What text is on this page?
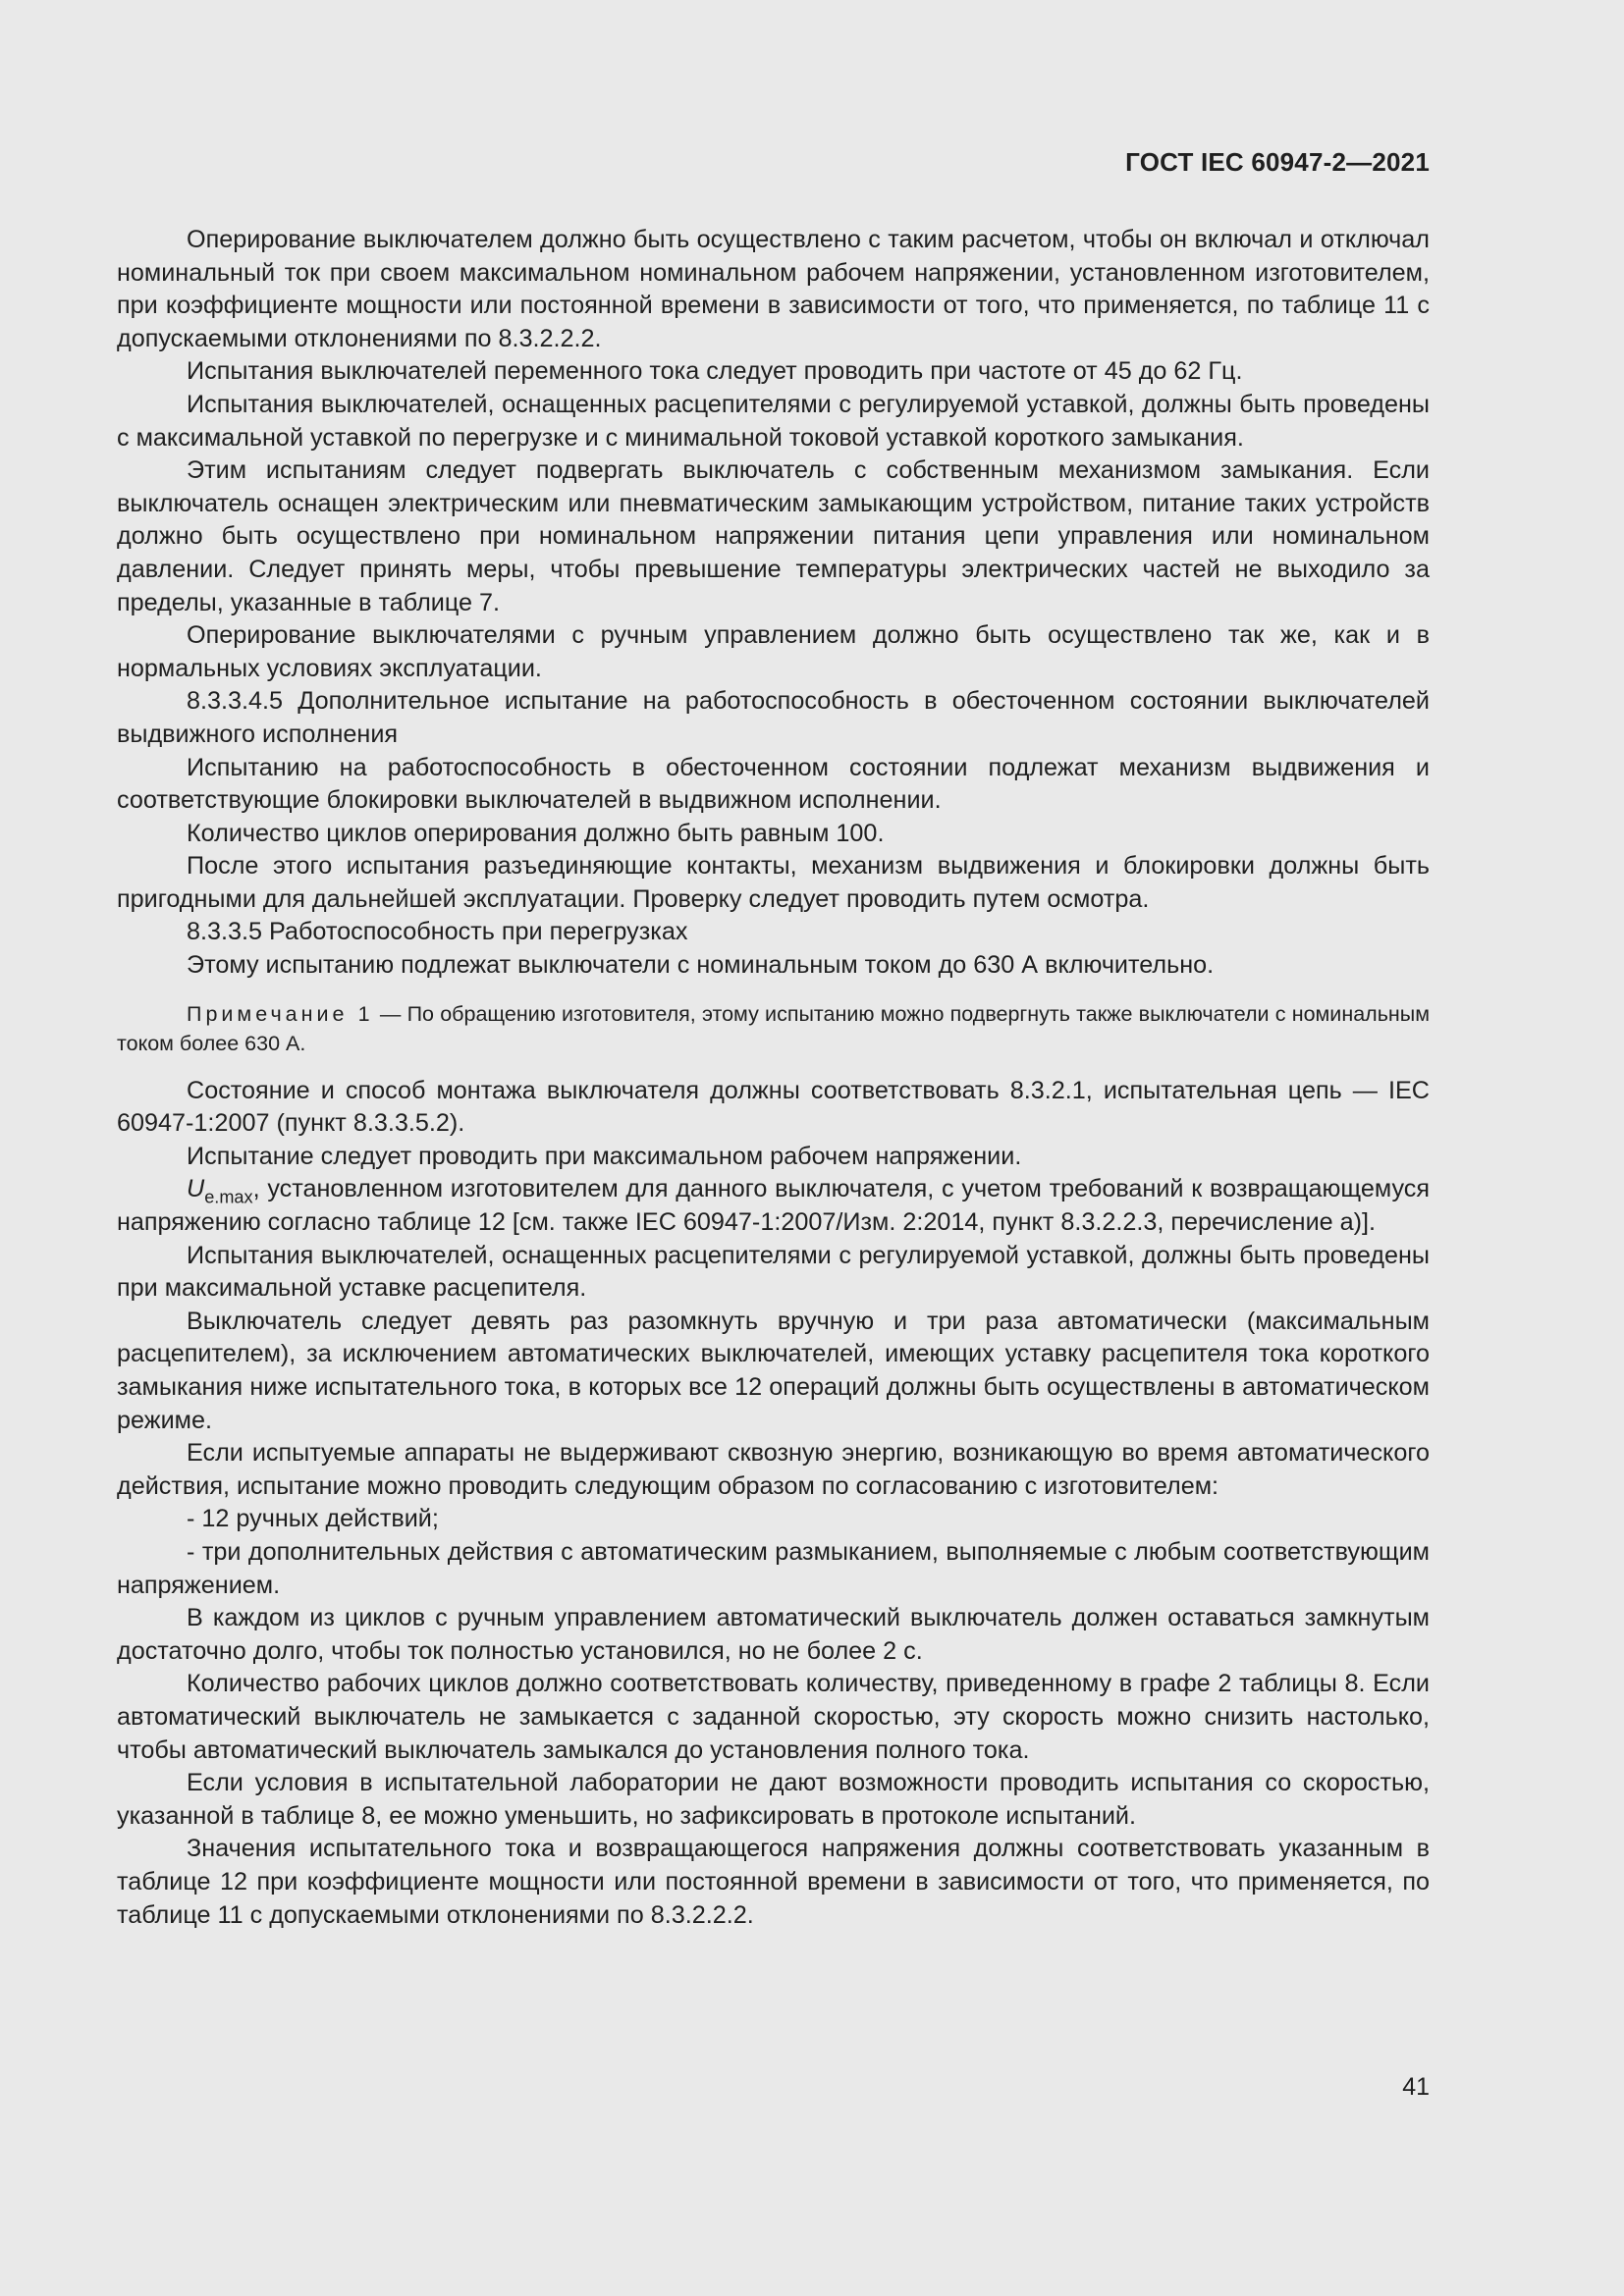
ГОСТ IEC 60947-2—2021

Оперирование выключателем должно быть осуществлено с таким расчетом, чтобы он включал и отключал номинальный ток при своем максимальном номинальном рабочем напряжении, установленном изготовителем, при коэффициенте мощности или постоянной времени в зависимости от того, что применяется, по таблице 11 с допускаемыми отклонениями по 8.3.2.2.2.

Испытания выключателей переменного тока следует проводить при частоте от 45 до 62 Гц.

Испытания выключателей, оснащенных расцепителями с регулируемой уставкой, должны быть проведены с максимальной уставкой по перегрузке и с минимальной токовой уставкой короткого замыкания.

Этим испытаниям следует подвергать выключатель с собственным механизмом замыкания. Если выключатель оснащен электрическим или пневматическим замыкающим устройством, питание таких устройств должно быть осуществлено при номинальном напряжении питания цепи управления или номинальном давлении. Следует принять меры, чтобы превышение температуры электрических частей не выходило за пределы, указанные в таблице 7.

Оперирование выключателями с ручным управлением должно быть осуществлено так же, как и в нормальных условиях эксплуатации.

8.3.3.4.5 Дополнительное испытание на работоспособность в обесточенном состоянии выключателей выдвижного исполнения

Испытанию на работоспособность в обесточенном состоянии подлежат механизм выдвижения и соответствующие блокировки выключателей в выдвижном исполнении.

Количество циклов оперирования должно быть равным 100.

После этого испытания разъединяющие контакты, механизм выдвижения и блокировки должны быть пригодными для дальнейшей эксплуатации. Проверку следует проводить путем осмотра.

8.3.3.5 Работоспособность при перегрузках

Этому испытанию подлежат выключатели с номинальным током до 630 А включительно.

Примечание 1 — По обращению изготовителя, этому испытанию можно подвергнуть также выключатели с номинальным током более 630 А.

Состояние и способ монтажа выключателя должны соответствовать 8.3.2.1, испытательная цепь — IEC 60947-1:2007 (пункт 8.3.3.5.2).

Испытание следует проводить при максимальном рабочем напряжении.

$U_{e.max}$, установленном изготовителем для данного выключателя, с учетом требований к возвращающемуся напряжению согласно таблице 12 [см. также IEC 60947-1:2007/Изм. 2:2014, пункт 8.3.2.2.3, перечисление а)].

Испытания выключателей, оснащенных расцепителями с регулируемой уставкой, должны быть проведены при максимальной уставке расцепителя.

Выключатель следует девять раз разомкнуть вручную и три раза автоматически (максимальным расцепителем), за исключением автоматических выключателей, имеющих уставку расцепителя тока короткого замыкания ниже испытательного тока, в которых все 12 операций должны быть осуществлены в автоматическом режиме.

Если испытуемые аппараты не выдерживают сквозную энергию, возникающую во время автоматического действия, испытание можно проводить следующим образом по согласованию с изготовителем:

- 12 ручных действий;

- три дополнительных действия с автоматическим размыканием, выполняемые с любым соответствующим напряжением.

В каждом из циклов с ручным управлением автоматический выключатель должен оставаться замкнутым достаточно долго, чтобы ток полностью установился, но не более 2 с.

Количество рабочих циклов должно соответствовать количеству, приведенному в графе 2 таблицы 8. Если автоматический выключатель не замыкается с заданной скоростью, эту скорость можно снизить настолько, чтобы автоматический выключатель замыкался до установления полного тока.

Если условия в испытательной лаборатории не дают возможности проводить испытания со скоростью, указанной в таблице 8, ее можно уменьшить, но зафиксировать в протоколе испытаний.

Значения испытательного тока и возвращающегося напряжения должны соответствовать указанным в таблице 12 при коэффициенте мощности или постоянной времени в зависимости от того, что применяется, по таблице 11 с допускаемыми отклонениями по 8.3.2.2.2.

41
